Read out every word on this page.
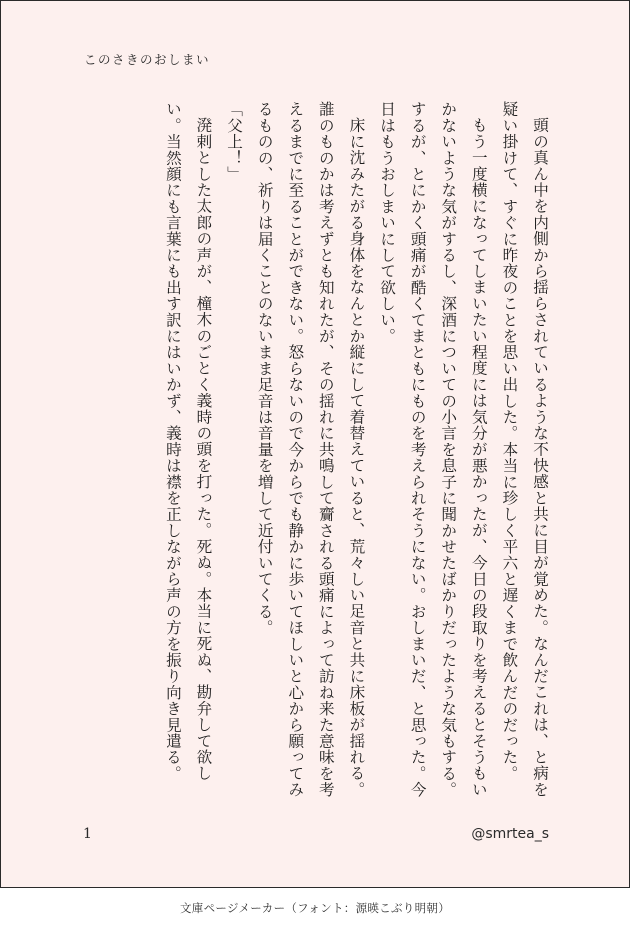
このさきのおしまい

頭の真ん中を内側から揺らされているような不快感と共に目が覚めた。なんだこれは、と病を疑い掛けて、すぐに昨夜のことを思い出した。本当に珍しく平六と遅くまで飲んだのだった。

もう一度横になってしまいたい程度には気分が悪かったが、今日の段取りを考えるとそうもいかないような気がするし、深酒についての小言を息子に聞かせたばかりだったような気もする。するが、とにかく頭痛が酷くてまともにものを考えられそうにない。おしまいだ、と思った。今日はもうおしまいにして欲しい。

床に沈みたがる身体をなんとか縦にして着替えていると、荒々しい足音と共に床板が揺れる。誰のものかは考えずとも知れたが、その揺れに共鳴して齎される頭痛によって訪ね来た意味を考えるまでに至ることができない。怒らないので今からでも静かに歩いてほしいと心から願ってみるものの、祈りは届くことのないまま足音は音量を増して近付いてくる。

「父上！」

溌剌とした太郎の声が、橦木のごとく義時の頭を打った。死ぬ。本当に死ぬ、勘弁して欲しい。当然顔にも言葉にも出す訳にはいかず、義時は襟を正しながら声の方を振り向き見遣る。

1	@smrtea_s
文庫ページメーカー（フォント：源暎こぶり明朝）
